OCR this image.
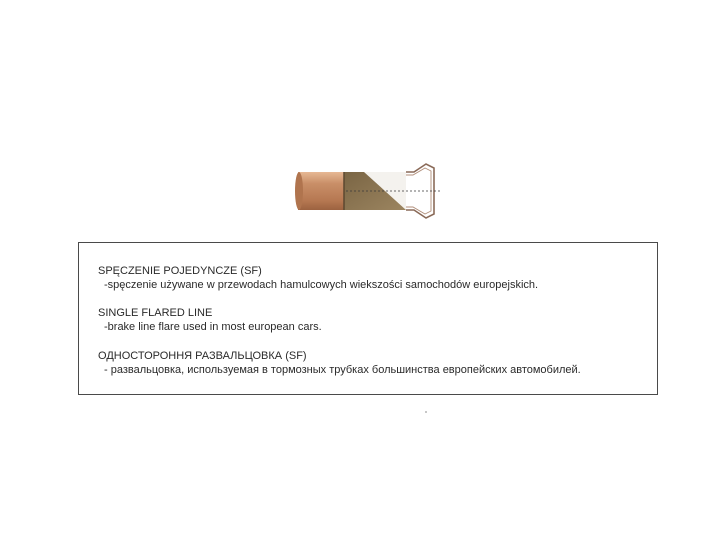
SPĘCZENIE POJEDYNCZE (SF)
-spęczenie używane w przewodach hamulcowych wiekszości samochodów europejskich.
SINGLE FLARED LINE
-brake line flare used in most european cars.
ОДНОСТОРОННЯ РАЗВАЛЬЦОВКА (SF)
- развальцовка, используемая в тормозных трубках большинства европейских автомобилей.
